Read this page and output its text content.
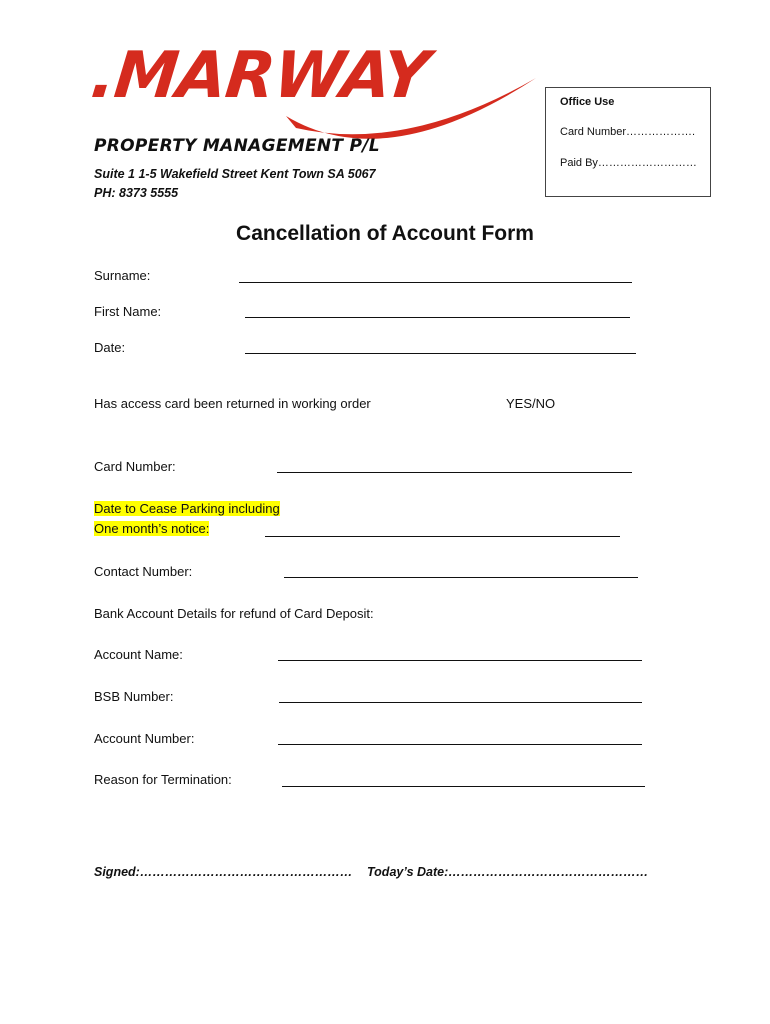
.MARWAY
PROPERTY MANAGEMENT P/L
Suite 1 1-5 Wakefield Street Kent Town SA 5067
PH: 8373 5555
Office Use
Card Number……………….
Paid By………………………
Cancellation of Account Form
Surname:
First Name:
Date:
Has access card been returned in working order	YES/NO
Card Number:
Date to Cease Parking including
One month’s notice:
Contact Number:
Bank Account Details for refund of Card Deposit:
Account Name:
BSB Number:
Account Number:
Reason for Termination:
Signed:…………………………………………… Today’s Date:…………………………………………
